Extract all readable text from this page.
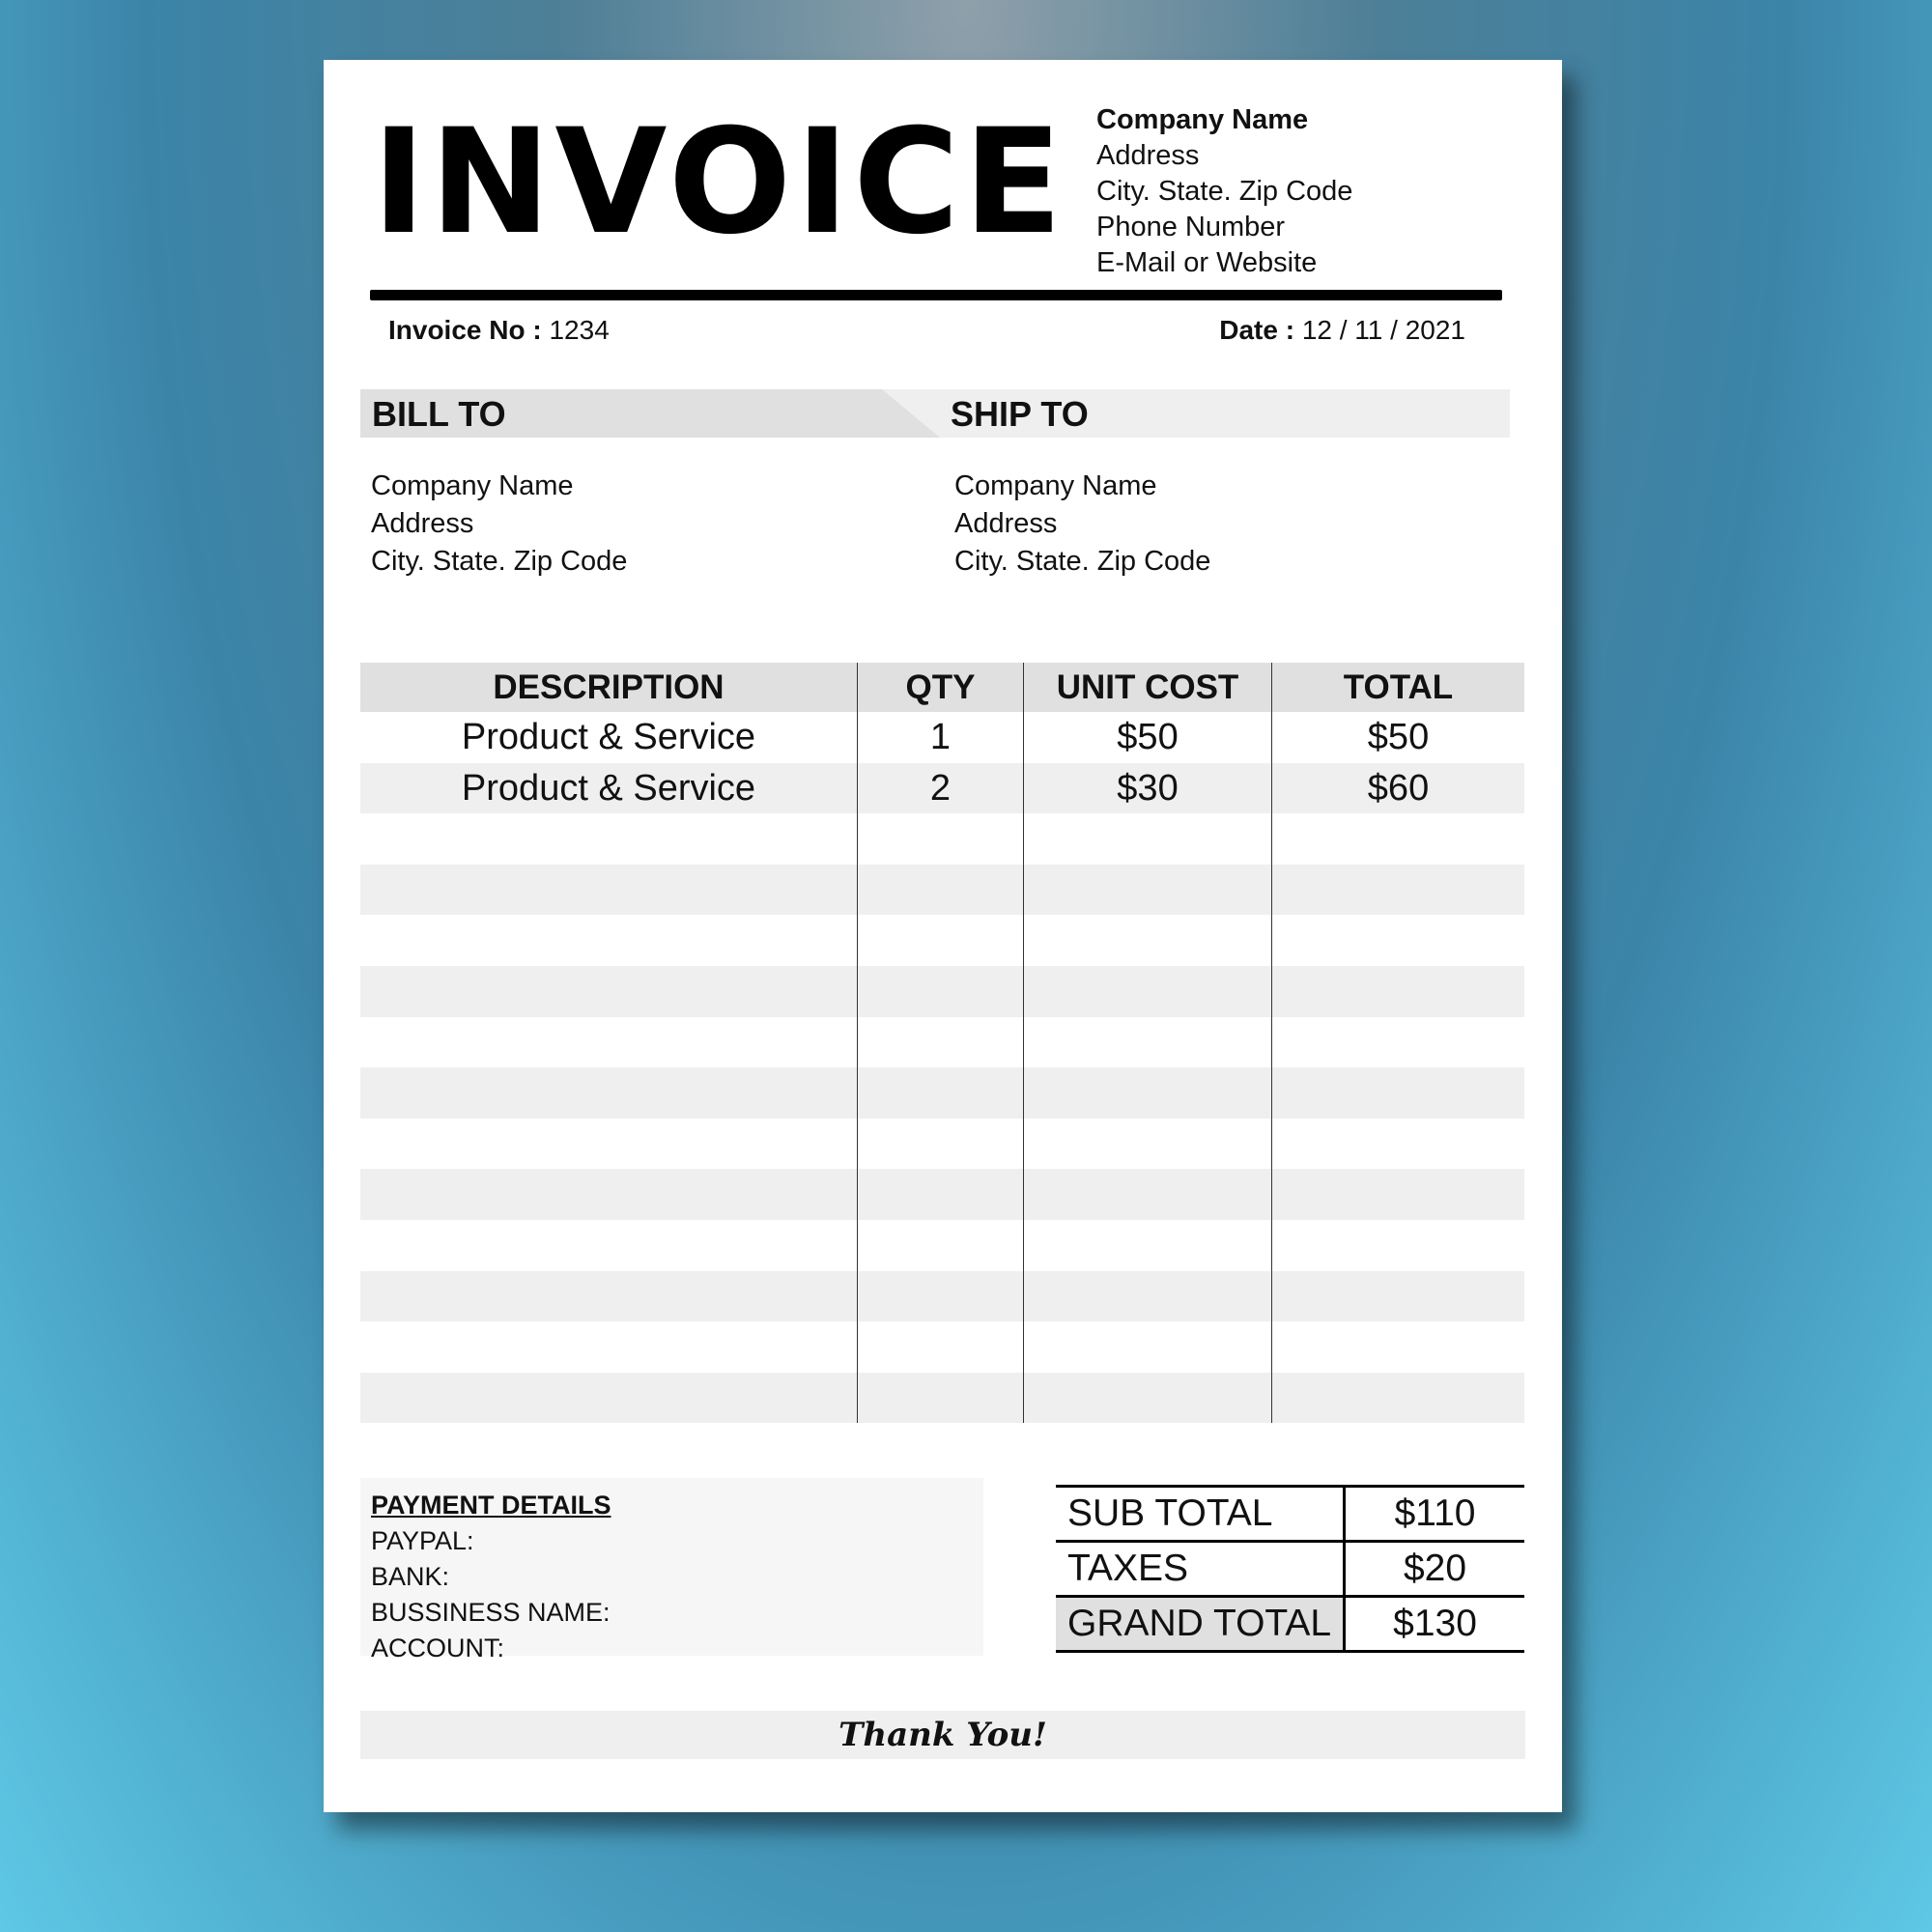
INVOICE Company Name
Address
City. State. Zip Code
Phone Number
E-Mail or Website
Invoice No : 1234	Date : 12 / 11 / 2021
BILL TO	SHIP TO
Company Name
Address
City. State. Zip Code
Company Name
Address
City. State. Zip Code
DESCRIPTION	QTY	UNIT COST	TOTAL
Product & Service	1	$50	$50
Product & Service	2	$30	$60
PAYMENT DETAILS
PAYPAL:
BANK:
BUSSINESS NAME:
ACCOUNT:
SUB TOTAL	$110
TAXES	$20
GRAND TOTAL	$130
Thank You!
